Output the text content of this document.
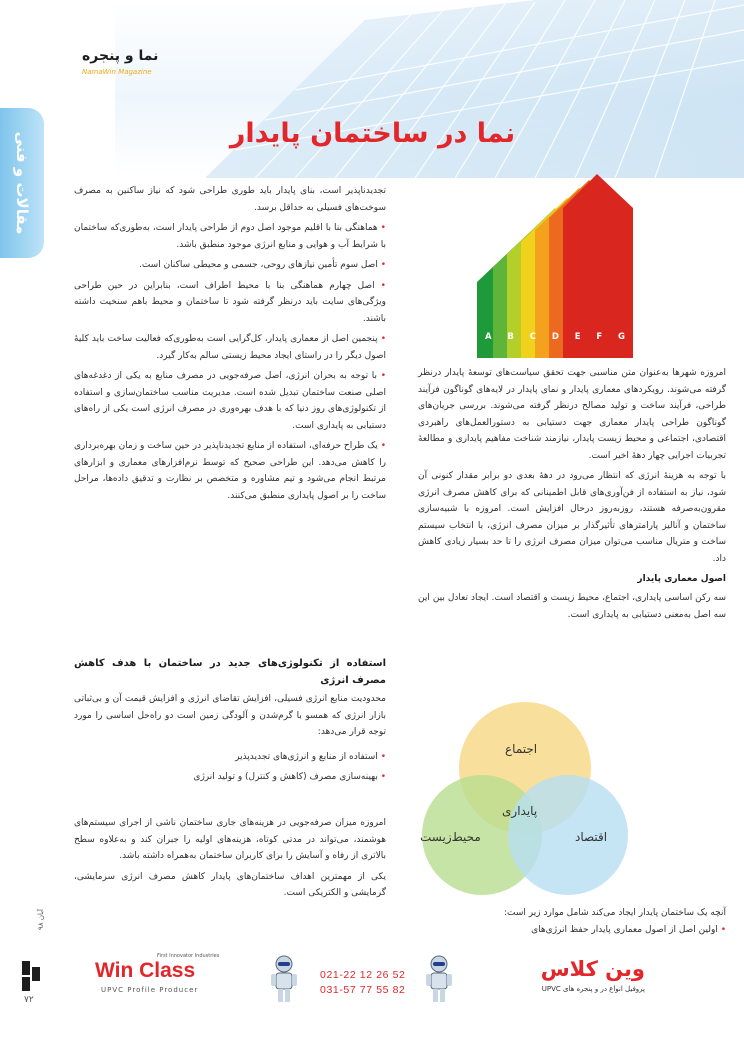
نما و پنجره
NamaWin Magazine
مقالات و فنی	نما در ساختمان پایدار

تجدیدناپذیر است، بنای پایدار باید طوری طراحی شود که نیاز ساکنین به مصرف سوخت‌های فسیلی به حداقل برسد.

• هماهنگی بنا با اقلیم موجود اصل دوم از طراحی پایدار است، به‌طوری‌که ساختمان با شرایط آب و هوایی و منابع انرژی موجود منطبق باشد.

• اصل سوم تأمین نیازهای روحی، جسمی و محیطی ساکنان است.

• اصل چهارم هماهنگی بنا با محیط اطراف است، بنابراین در حین طراحی ویژگی‌های سایت باید درنظر گرفته شود تا ساختمان و محیط باهم سنخیت داشته باشند.

• پنجمین اصل از معماری پایدار، کل‌گرایی است به‌طوری‌که فعالیت ساخت باید کلیهٔ اصول دیگر را در راستای ایجاد محیط زیستی سالم به‌کار گیرد.

• با توجه به بحران انرژی، اصل صرفه‌جویی در مصرف منابع به یکی از دغدغه‌های اصلی صنعت ساختمان تبدیل شده است. مدیریت مناسب ساختمان‌سازی و استفاده از تکنولوژی‌های روز دنیا که با هدف بهره‌وری در مصرف انرژی است یکی از راه‌های دستیابی به پایداری است.

• یک طراح حرفه‌ای، استفاده از منابع تجدیدناپذیر در حین ساخت و زمان بهره‌برداری را کاهش می‌دهد. این طراحی صحیح که توسط نرم‌افزارهای معماری و ابزارهای مرتبط انجام می‌شود و تیم مشاوره و متخصص بر نظارت و تدقیق داده‌ها، مراحل ساخت را بر اصول پایداری منطبق می‌کنند.

استفاده از تکنولوژی‌های جدید در ساختمان با هدف کاهش مصرف انرژی

محدودیت منابع انرژی فسیلی، افزایش تقاضای انرژی و افزایش قیمت آن و بی‌ثباتی بازار انرژی که همسو با گرم‌شدن و آلودگی زمین است دو راه‌حل اساسی را مورد توجه قرار می‌دهد:

• استفاده از منابع و انرژی‌های تجدیدپذیر

• بهینه‌سازی مصرف (کاهش و کنترل) و تولید انرژی

امروزه میزان صرفه‌جویی در هزینه‌های جاری ساختمان ناشی از اجرای سیستم‌های هوشمند، می‌تواند در مدتی کوتاه، هزینه‌های اولیه را جبران کند و به‌علاوه سطح بالاتری از رفاه و آسایش را برای کاربران ساختمان به‌همراه داشته باشد.

یکی از مهمترین اهداف ساختمان‌های پایدار کاهش مصرف انرژی سرمایشی، گرمایشی و الکتریکی است.

A B C D E F G

امروزه شهرها به‌عنوان متن مناسبی جهت تحقق سیاست‌های توسعهٔ پایدار درنظر گرفته می‌شوند. رویکردهای معماری پایدار و نمای پایدار در لایه‌های گوناگون فرآیند طراحی، فرآیند ساخت و تولید مصالح درنظر گرفته می‌شوند. بررسی جریان‌های گوناگون طراحی پایدار معماری جهت دستیابی به دستورالعمل‌های راهبردی اقتصادی، اجتماعی و محیط زیست پایدار، نیازمند شناخت مفاهیم پایداری و مطالعهٔ تجربیات اجرایی چهار دههٔ اخیر است.

با توجه به هزینهٔ انرژی که انتظار می‌رود در دههٔ بعدی دو برابر مقدار کنونی آن شود، نیاز به استفاده از فن‌آوری‌های قابل اطمینانی که برای کاهش مصرف انرژی مقرون‌به‌صرفه هستند، روزبه‌روز درحال افزایش است. امروزه با شبیه‌سازی ساختمان و آنالیز پارامترهای تأثیرگذار بر میزان مصرف انرژی، با انتخاب سیستم ساخت و متریال مناسب می‌توان میزان مصرف انرژی را تا حد بسیار زیادی کاهش داد.

اصول معماری پایدار

سه رکن اساسی پایداری، اجتماع، محیط زیست و اقتصاد است. ایجاد تعادل بین این سه اصل به‌معنی دستیابی به پایداری است.

اجتماع
محیط‌زیست	اقتصاد
پایداری

آنچه یک ساختمان پایدار ایجاد می‌کند شامل موارد زیر است:

• اولین اصل از اصول معماری پایدار حفظ انرژی‌های

آبان ۹۸
۷۲
First Innovator Industries
Win Class
UPVC Profile Producer
021-22 12 26 52
031-57 77 55 82
وین کلاس
پروفیل انواع در و پنجره های UPVC
